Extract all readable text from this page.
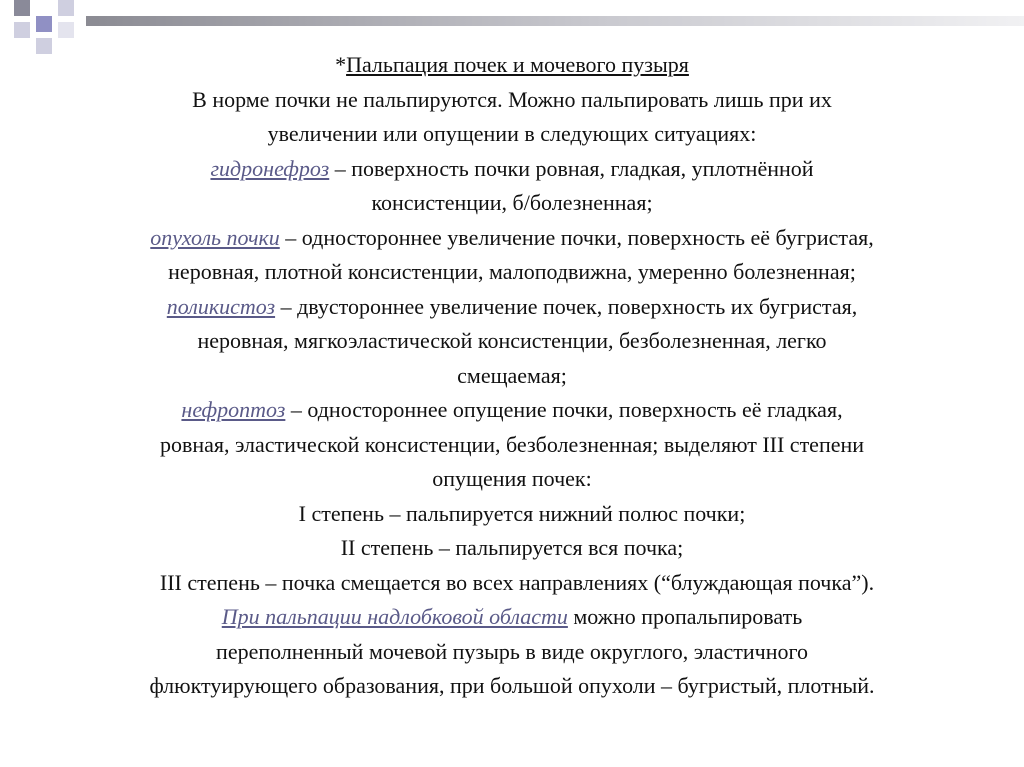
*Пальпация почек и мочевого пузыря
В норме почки не пальпируются. Можно пальпировать лишь при их
увеличении или опущении в следующих ситуациях:
гидронефроз – поверхность почки ровная, гладкая, уплотнённой
консистенции, б/болезненная;
опухоль почки – одностороннее увеличение почки, поверхность её бугристая,
неровная, плотной консистенции, малоподвижна, умеренно болезненная;
поликистоз – двустороннее увеличение почек, поверхность их бугристая,
неровная, мягкоэластической консистенции, безболезненная, легко
смещаемая;
нефроптоз – одностороннее опущение почки, поверхность её гладкая,
ровная, эластической консистенции, безболезненная; выделяют III степени
опущения почек:
I степень – пальпируется нижний полюс почки;
II степень – пальпируется вся почка;
III степень – почка смещается во всех направлениях (“блуждающая почка”).
При пальпации надлобковой области можно пропальпировать
переполненный мочевой пузырь в виде округлого, эластичного
флюктуирующего образования, при большой опухоли – бугристый, плотный.
